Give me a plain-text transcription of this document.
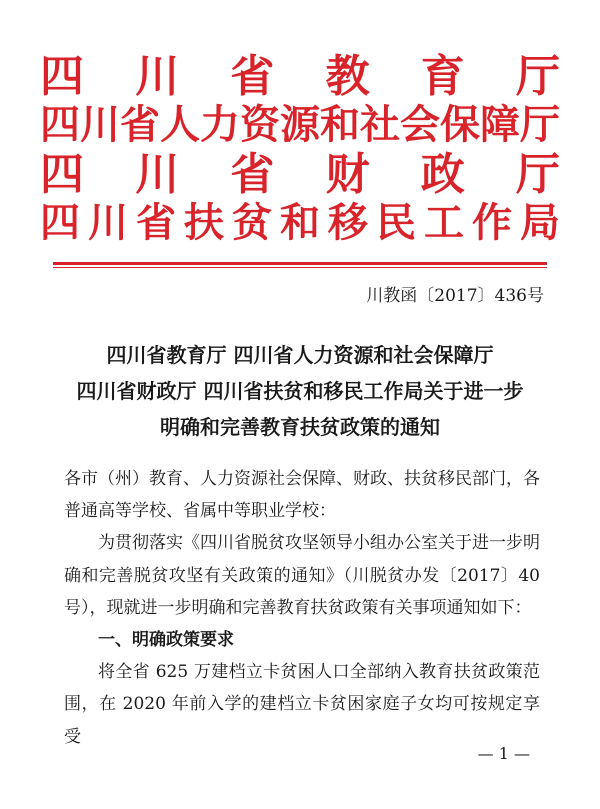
四　川　省　教　育　厅
四川省人力资源和社会保障厅
四　川　省　财　政　厅
四川省扶贫和移民工作局
川教函〔2017〕436号
四川省教育厅 四川省人力资源和社会保障厅
四川省财政厅 四川省扶贫和移民工作局关于进一步
明确和完善教育扶贫政策的通知

各市（州）教育、人力资源社会保障、财政、扶贫移民部门，各普通高等学校、省属中等职业学校：

为贯彻落实《四川省脱贫攻坚领导小组办公室关于进一步明确和完善脱贫攻坚有关政策的通知》（川脱贫办发〔2017〕40号），现就进一步明确和完善教育扶贫政策有关事项通知如下：

一、明确政策要求

将全省 625 万建档立卡贫困人口全部纳入教育扶贫政策范围，在 2020 年前入学的建档立卡贫困家庭子女均可按规定享受

— 1 —
